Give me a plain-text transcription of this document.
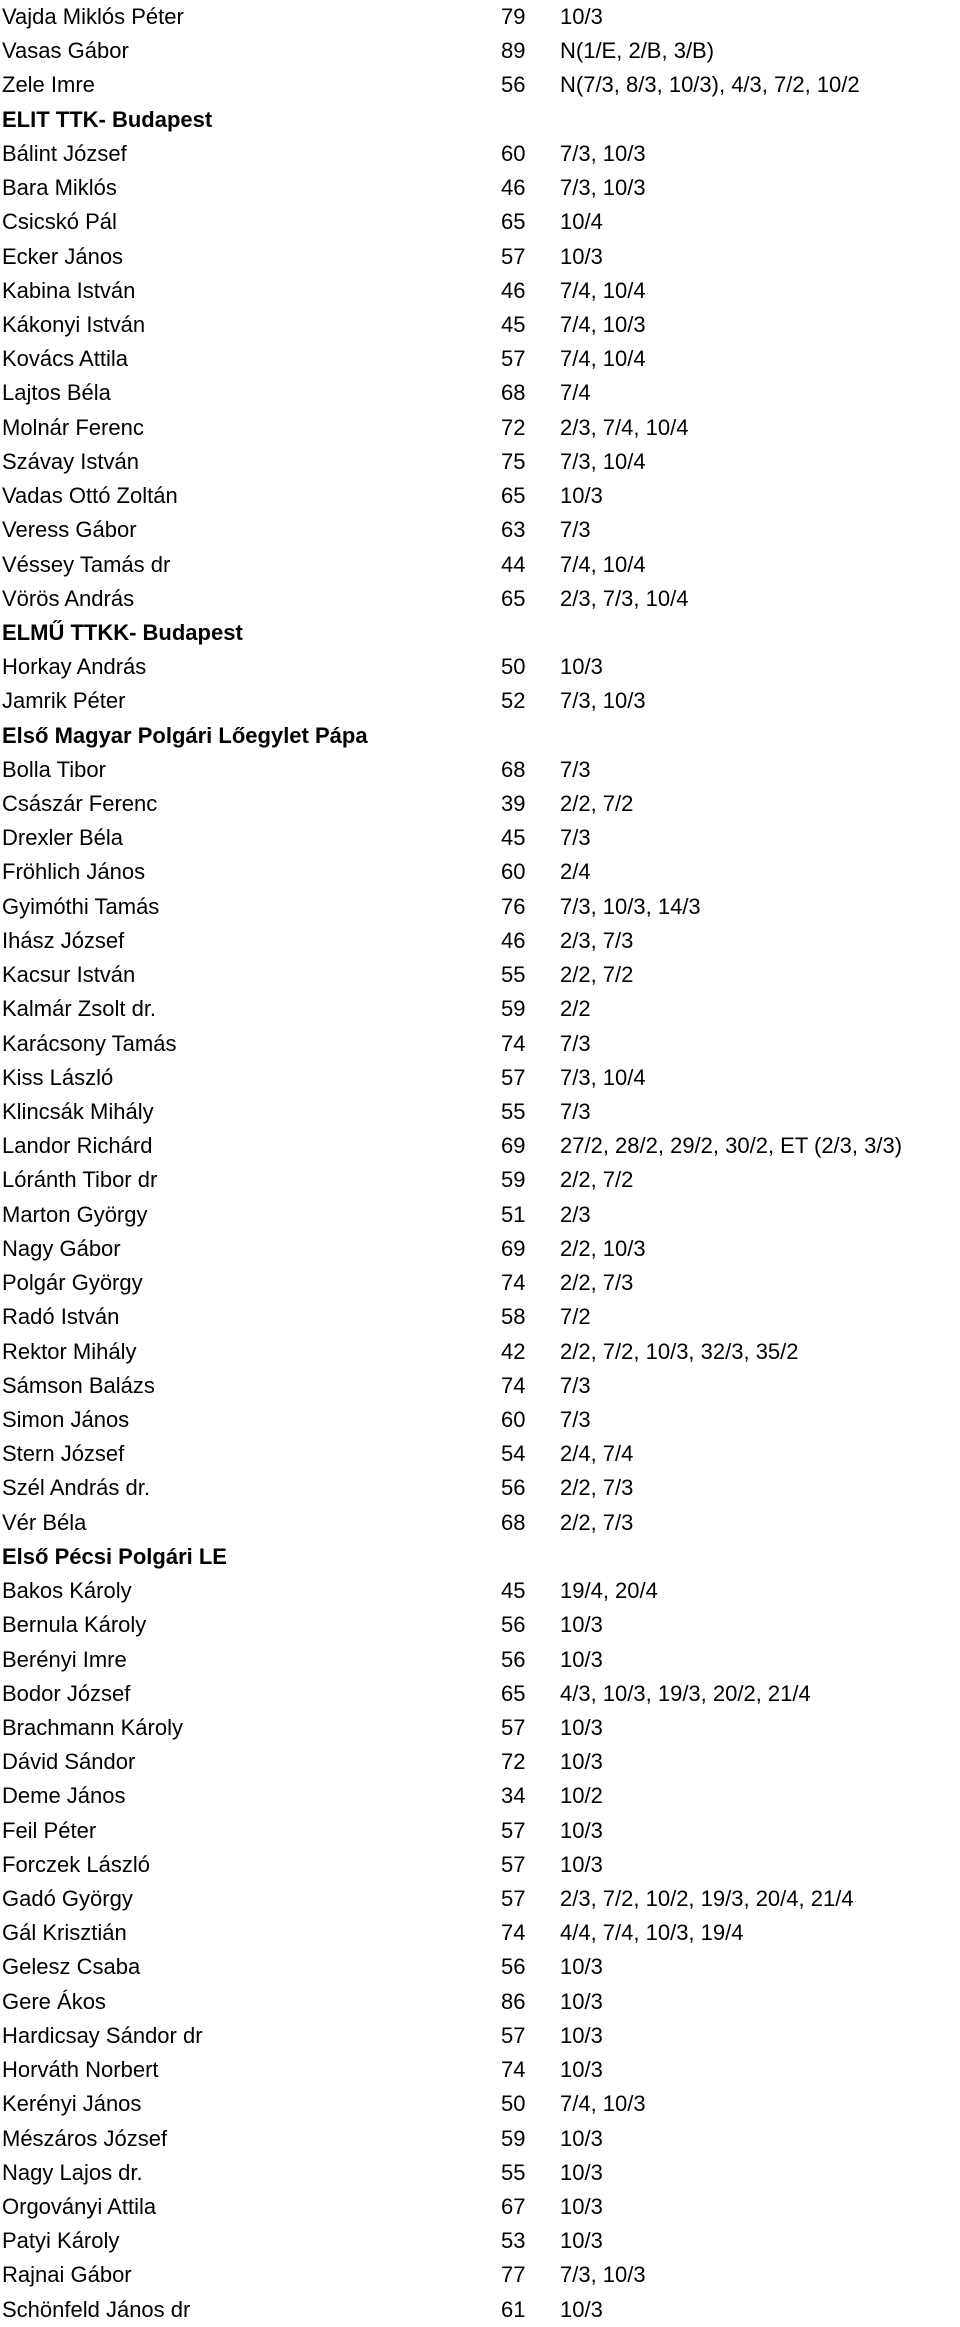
Vajda Miklós Péter	79 10/3
Vasas Gábor	89 N(1/E, 2/B, 3/B)
Zele Imre	56 N(7/3, 8/3, 10/3), 4/3, 7/2, 10/2
ELIT TTK- Budapest
Bálint József	60 7/3, 10/3
Bara Miklós	46 7/3, 10/3
Csicskó Pál	65 10/4
Ecker János	57 10/3
Kabina István	46 7/4, 10/4
Kákonyi István	45 7/4, 10/3
Kovács Attila	57 7/4, 10/4
Lajtos Béla	68 7/4
Molnár Ferenc	72 2/3, 7/4, 10/4
Szávay István	75 7/3, 10/4
Vadas Ottó Zoltán	65 10/3
Veress Gábor	63 7/3
Véssey Tamás dr	44 7/4, 10/4
Vörös András	65 2/3, 7/3, 10/4
ELMŰ TTKK- Budapest
Horkay András	50 10/3
Jamrik Péter	52 7/3, 10/3
Első Magyar Polgári Lőegylet Pápa
Bolla Tibor	68 7/3
Császár Ferenc	39 2/2, 7/2
Drexler Béla	45 7/3
Fröhlich János	60 2/4
Gyimóthi Tamás	76 7/3, 10/3, 14/3
Ihász József	46 2/3, 7/3
Kacsur István	55 2/2, 7/2
Kalmár Zsolt dr.	59 2/2
Karácsony Tamás	74 7/3
Kiss László	57 7/3, 10/4
Klincsák Mihály	55 7/3
Landor Richárd	69 27/2, 28/2, 29/2, 30/2, ET (2/3, 3/3)
Lóránth Tibor dr	59 2/2, 7/2
Marton György	51 2/3
Nagy Gábor	69 2/2, 10/3
Polgár György	74 2/2, 7/3
Radó István	58 7/2
Rektor Mihály	42 2/2, 7/2, 10/3, 32/3, 35/2
Sámson Balázs	74 7/3
Simon János	60 7/3
Stern József	54 2/4, 7/4
Szél András dr.	56 2/2, 7/3
Vér Béla	68 2/2, 7/3
Első Pécsi Polgári LE
Bakos Károly	45 19/4, 20/4
Bernula Károly	56 10/3
Berényi Imre	56 10/3
Bodor József	65 4/3, 10/3, 19/3, 20/2, 21/4
Brachmann Károly	57 10/3
Dávid Sándor	72 10/3
Deme János	34 10/2
Feil Péter	57 10/3
Forczek László	57 10/3
Gadó György	57 2/3, 7/2, 10/2, 19/3, 20/4, 21/4
Gál Krisztián	74 4/4, 7/4, 10/3, 19/4
Gelesz Csaba	56 10/3
Gere Ákos	86 10/3
Hardicsay Sándor dr	57 10/3
Horváth Norbert	74 10/3
Kerényi János	50 7/4, 10/3
Mészáros József	59 10/3
Nagy Lajos dr.	55 10/3
Orgoványi Attila	67 10/3
Patyi Károly	53 10/3
Rajnai Gábor	77 7/3, 10/3
Schönfeld János dr	61 10/3
